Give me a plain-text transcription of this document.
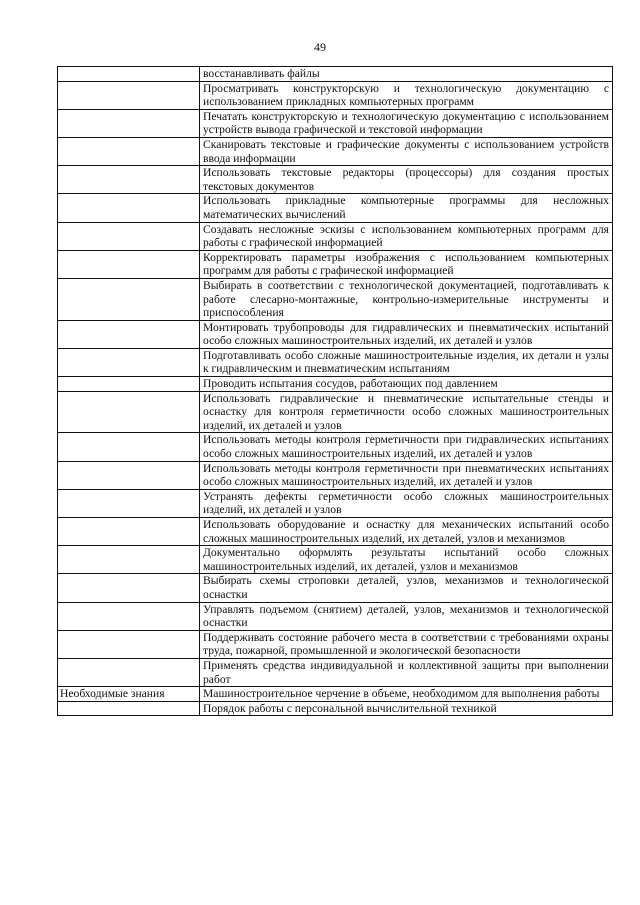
49
	восстанавливать файлы
	Просматривать конструкторскую и технологическую документацию с использованием прикладных компьютерных программ
	Печатать конструкторскую и технологическую документацию с использованием устройств вывода графической и текстовой информации
	Сканировать текстовые и графические документы с использованием устройств ввода информации
	Использовать текстовые редакторы (процессоры) для создания простых текстовых документов
	Использовать прикладные компьютерные программы для несложных математических вычислений
	Создавать несложные эскизы с использованием компьютерных программ для работы с графической информацией
	Корректировать параметры изображения с использованием компьютерных программ для работы с графической информацией
	Выбирать в соответствии с технологической документацией, подготавливать к работе слесарно-монтажные, контрольно-измерительные инструменты и приспособления
	Монтировать трубопроводы для гидравлических и пневматических испытаний особо сложных машиностроительных изделий, их деталей и узлов
	Подготавливать особо сложные машиностроительные изделия, их детали и узлы к гидравлическим и пневматическим испытаниям
	Проводить испытания сосудов, работающих под давлением
	Использовать гидравлические и пневматические испытательные стенды и оснастку для контроля герметичности особо сложных машиностроительных изделий, их деталей и узлов
	Использовать методы контроля герметичности при гидравлических испытаниях особо сложных машиностроительных изделий, их деталей и узлов
	Использовать методы контроля герметичности при пневматических испытаниях особо сложных машиностроительных изделий, их деталей и узлов
	Устранять дефекты герметичности особо сложных машиностроительных изделий, их деталей и узлов
	Использовать оборудование и оснастку для механических испытаний особо сложных машиностроительных изделий, их деталей, узлов и механизмов
	Документально оформлять результаты испытаний особо сложных машиностроительных изделий, их деталей, узлов и механизмов
	Выбирать схемы строповки деталей, узлов, механизмов и технологической оснастки
	Управлять подъемом (снятием) деталей, узлов, механизмов и технологической оснастки
	Поддерживать состояние рабочего места в соответствии с требованиями охраны труда, пожарной, промышленной и экологической безопасности
	Применять средства индивидуальной и коллективной защиты при выполнении работ
Необходимые знания	Машиностроительное черчение в объеме, необходимом для выполнения работы
	Порядок работы с персональной вычислительной техникой
